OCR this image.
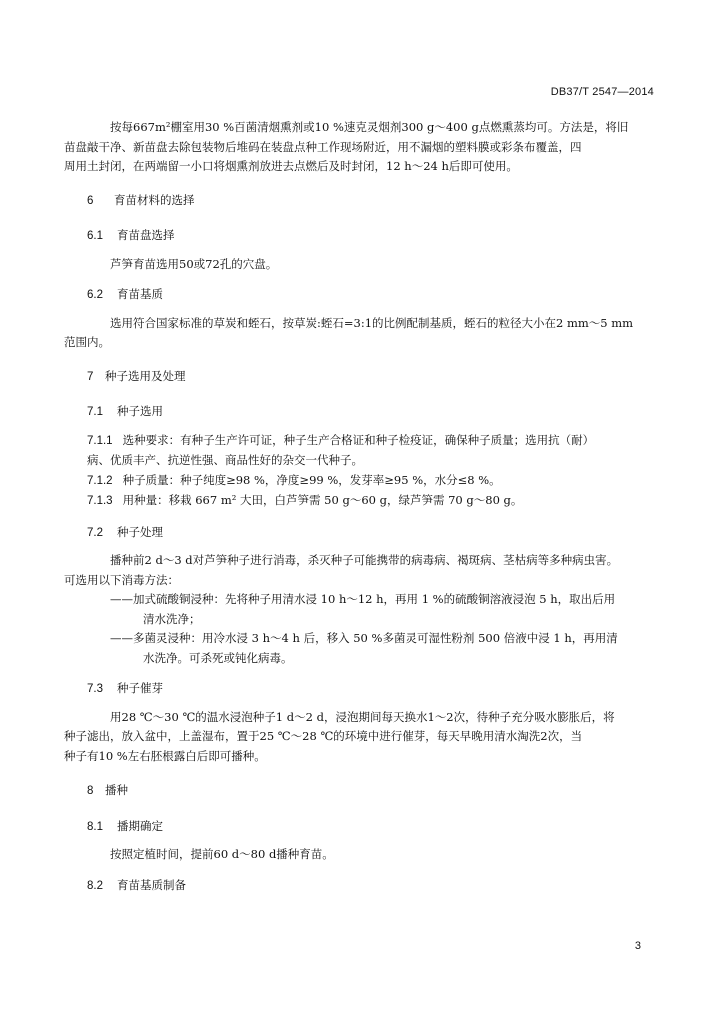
DB37/T 2547—2014

按每667m²棚室用30 %百菌清烟熏剂或10 %速克灵烟剂300 g～400 g点燃熏蒸均可。方法是，将旧
苗盘敲干净、新苗盘去除包装物后堆码在装盘点种工作现场附近，用不漏烟的塑料膜或彩条布覆盖，四
周用土封闭，在两端留一小口将烟熏剂放进去点燃后及时封闭，12 h～24 h后即可使用。

6 育苗材料的选择

6.1 育苗盘选择

芦笋育苗选用50或72孔的穴盘。

6.2 育苗基质

选用符合国家标准的草炭和蛭石，按草炭:蛭石=3:1的比例配制基质，蛭石的粒径大小在2 mm～5 mm
范围内。

7 种子选用及处理

7.1 种子选用

7.1.1 选种要求：有种子生产许可证，种子生产合格证和种子检疫证，确保种子质量；选用抗（耐）
病、优质丰产、抗逆性强、商品性好的杂交一代种子。

7.1.2 种子质量：种子纯度≥98 %，净度≥99 %，发芽率≥95 %，水分≤8 %。

7.1.3 用种量：移栽 667 m² 大田，白芦笋需 50 g～60 g，绿芦笋需 70 g～80 g。

7.2 种子处理

播种前2 d～3 d对芦笋种子进行消毒，杀灭种子可能携带的病毒病、褐斑病、茎枯病等多种病虫害。
可选用以下消毒方法：

——加式硫酸铜浸种：先将种子用清水浸 10 h～12 h，再用 1 %的硫酸铜溶液浸泡 5 h，取出后用

清水洗净；

——多菌灵浸种：用冷水浸 3 h～4 h 后，移入 50 %多菌灵可湿性粉剂 500 倍液中浸 1 h，再用清

水洗净。可杀死或钝化病毒。

7.3 种子催芽

用28 ℃～30 ℃的温水浸泡种子1 d～2 d，浸泡期间每天换水1～2次，待种子充分吸水膨胀后，将
种子滤出，放入盆中，上盖湿布，置于25 ℃～28 ℃的环境中进行催芽，每天早晚用清水淘洗2次，当
种子有10 %左右胚根露白后即可播种。

8 播种

8.1 播期确定

按照定植时间，提前60 d～80 d播种育苗。

8.2 育苗基质制备

3
